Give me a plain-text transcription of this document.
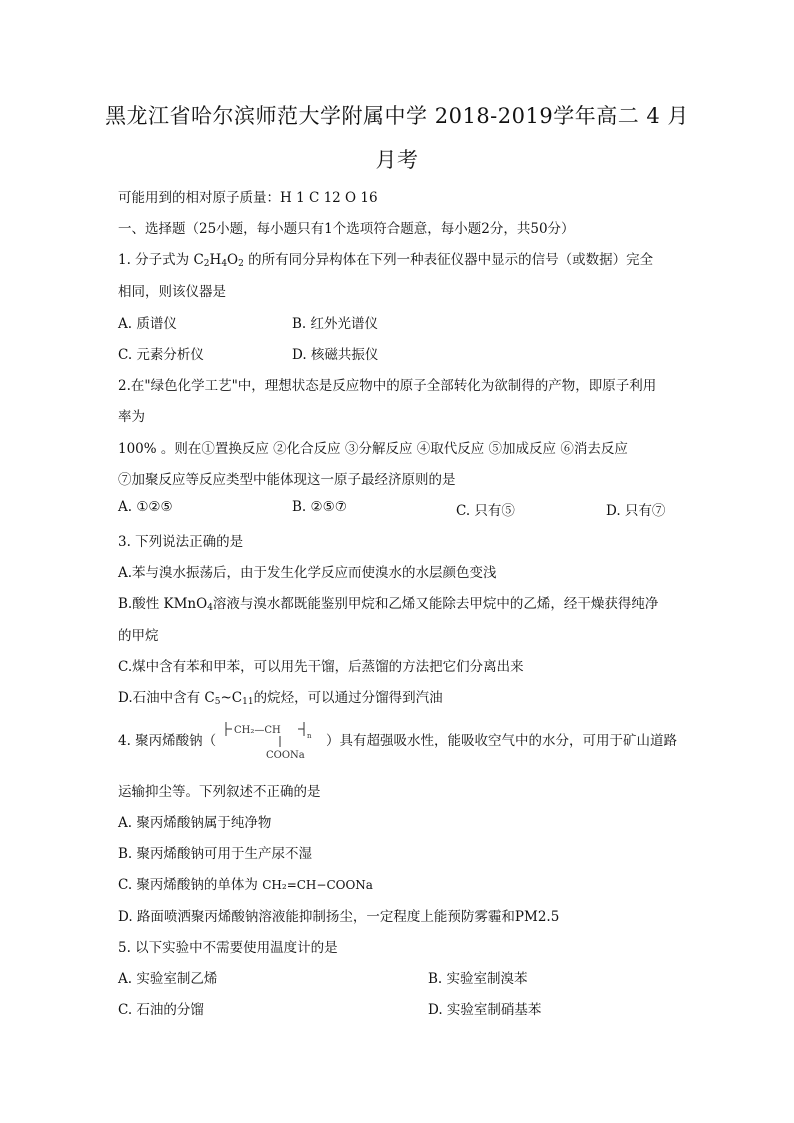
黑龙江省哈尔滨师范大学附属中学 2018-2019学年高二 4 月
月考
可能用到的相对原子质量：H 1 C 12 O 16
一、选择题（25小题，每小题只有1个选项符合题意，每小题2分，共50分）
1. 分子式为 $C_2H_4O_2$ 的所有同分异构体在下列一种表征仪器中显示的信号（或数据）完全
相同，则该仪器是
A. 质谱仪	B. 红外光谱仪
C. 元素分析仪	D. 核磁共振仪
2.在"绿色化学工艺"中，理想状态是反应物中的原子全部转化为欲制得的产物，即原子利用
率为
100% 。则在①置换反应 ②化合反应 ③分解反应 ④取代反应 ⑤加成反应 ⑥消去反应
⑦加聚反应等反应类型中能体现这一原子最经济原则的是
A. ①②⑤	B. ②⑤⑦	C. 只有⑤	D. 只有⑦
3. 下列说法正确的是
A.苯与溴水振荡后，由于发生化学反应而使溴水的水层颜色变浅
B.酸性 KMnO$_4$溶液与溴水都既能鉴别甲烷和乙烯又能除去甲烷中的乙烯，经干燥获得纯净
的甲烷
C.煤中含有苯和甲苯，可以用先干馏，后蒸馏的方法把它们分离出来
D.石油中含有 $C_5\sim C_{11}$的烷烃，可以通过分馏得到汽油
4. 聚丙烯酸钠（
CH₂—CH	n
COONa
）具有超强吸水性，能吸收空气中的水分，可用于矿山道路
运输抑尘等。下列叙述不正确的是
A. 聚丙烯酸钠属于纯净物
B. 聚丙烯酸钠可用于生产尿不湿
C. 聚丙烯酸钠的单体为 CH₂=CH−COONa
D. 路面喷洒聚丙烯酸钠溶液能抑制扬尘，一定程度上能预防雾霾和PM2.5
5. 以下实验中不需要使用温度计的是
A. 实验室制乙烯	B. 实验室制溴苯
C. 石油的分馏	D. 实验室制硝基苯
